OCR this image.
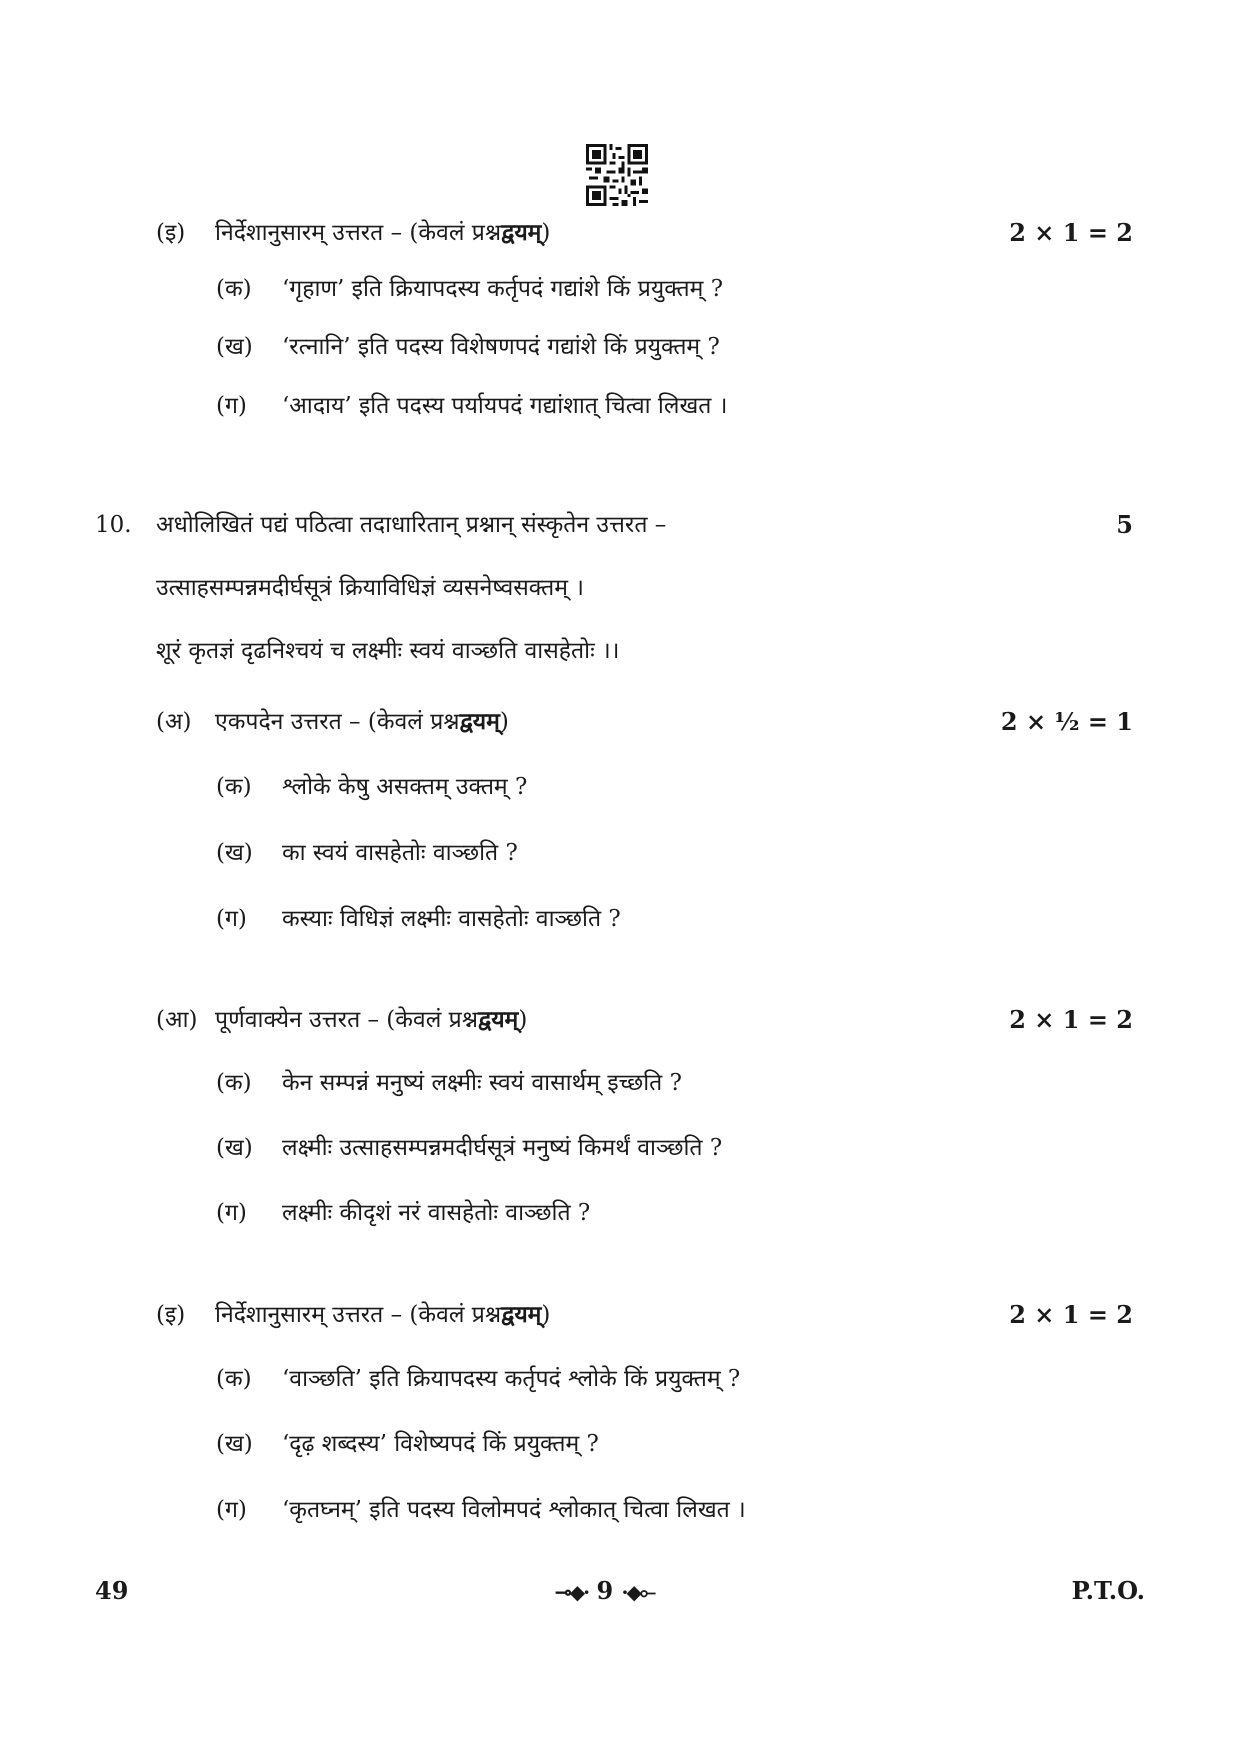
(इ) निर्देशानुसारम् उत्तरत – (केवलं प्रश्नद्वयम्)	2 × 1 = 2
(क) ‘गृहाण’ इति क्रियापदस्य कर्तृपदं गद्यांशे किं प्रयुक्तम् ?
(ख) ‘रत्नानि’ इति पदस्य विशेषणपदं गद्यांशे किं प्रयुक्तम् ?
(ग) ‘आदाय’ इति पदस्य पर्यायपदं गद्यांशात् चित्वा लिखत ।
10. अधोलिखितं पद्यं पठित्वा तदाधारितान् प्रश्नान् संस्कृतेन उत्तरत –	5
उत्साहसम्पन्नमदीर्घसूत्रं क्रियाविधिज्ञं व्यसनेष्वसक्तम् ।
शूरं कृतज्ञं दृढनिश्चयं च लक्ष्मीः स्वयं वाञ्छति वासहेतोः ।।
(अ) एकपदेन उत्तरत – (केवलं प्रश्नद्वयम्)	2 × ½ = 1
(क) श्लोके केषु असक्तम् उक्तम् ?
(ख) का स्वयं वासहेतोः वाञ्छति ?
(ग) कस्याः विधिज्ञं लक्ष्मीः वासहेतोः वाञ्छति ?
(आ) पूर्णवाक्येन उत्तरत – (केवलं प्रश्नद्वयम्)	2 × 1 = 2
(क) केन सम्पन्नं मनुष्यं लक्ष्मीः स्वयं वासार्थम् इच्छति ?
(ख) लक्ष्मीः उत्साहसम्पन्नमदीर्घसूत्रं मनुष्यं किमर्थं वाञ्छति ?
(ग) लक्ष्मीः कीदृशं नरं वासहेतोः वाञ्छति ?
(इ) निर्देशानुसारम् उत्तरत – (केवलं प्रश्नद्वयम्)	2 × 1 = 2
(क) ‘वाञ्छति’ इति क्रियापदस्य कर्तृपदं श्लोके किं प्रयुक्तम् ?
(ख) ‘दृढ़ शब्दस्य’ विशेष्यपदं किं प्रयुक्तम् ?
(ग) ‘कृतघ्नम्’ इति पदस्य विलोमपदं श्लोकात् चित्वा लिखत ।
49	⊸◆· 9 ·◆⟜	P.T.O.
